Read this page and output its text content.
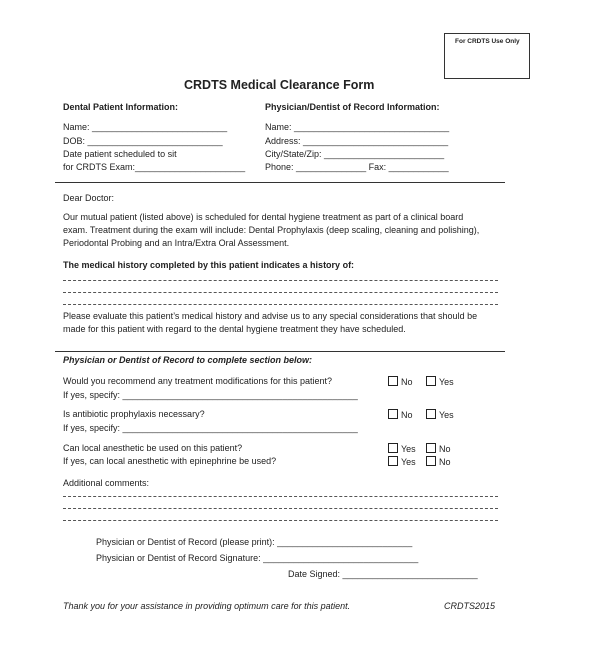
For CRDTS Use Only
CRDTS Medical Clearance Form
Dental Patient Information:
Name: ___________________________
DOB: ___________________________
Date patient scheduled to sit
for CRDTS Exam:______________________
Physician/Dentist of Record Information:
Name: _______________________________
Address: _____________________________
City/State/Zip: ________________________
Phone: ______________ Fax: ____________
Dear Doctor:
Our mutual patient (listed above) is scheduled for dental hygiene treatment as part of a clinical board
exam. Treatment during the exam will include: Dental Prophylaxis (deep scaling, cleaning and polishing),
Periodontal Probing and an Intra/Extra Oral Assessment.
The medical history completed by this patient indicates a history of:
Please evaluate this patient’s medical history and advise us to any special considerations that should be
made for this patient with regard to the dental hygiene treatment they have scheduled.
Physician or Dentist of Record to complete section below:
Would you recommend any treatment modifications for this patient?	No	Yes
If yes, specify: _______________________________________________
Is antibiotic prophylaxis necessary?	No	Yes
If yes, specify: _______________________________________________
Can local anesthetic be used on this patient?	Yes	No
If yes, can local anesthetic with epinephrine be used?	Yes	No
Additional comments:
Physician or Dentist of Record (please print): ___________________________
Physician or Dentist of Record Signature: _______________________________
Date Signed: ___________________________
Thank you for your assistance in providing optimum care for this patient.	CRDTS2015
